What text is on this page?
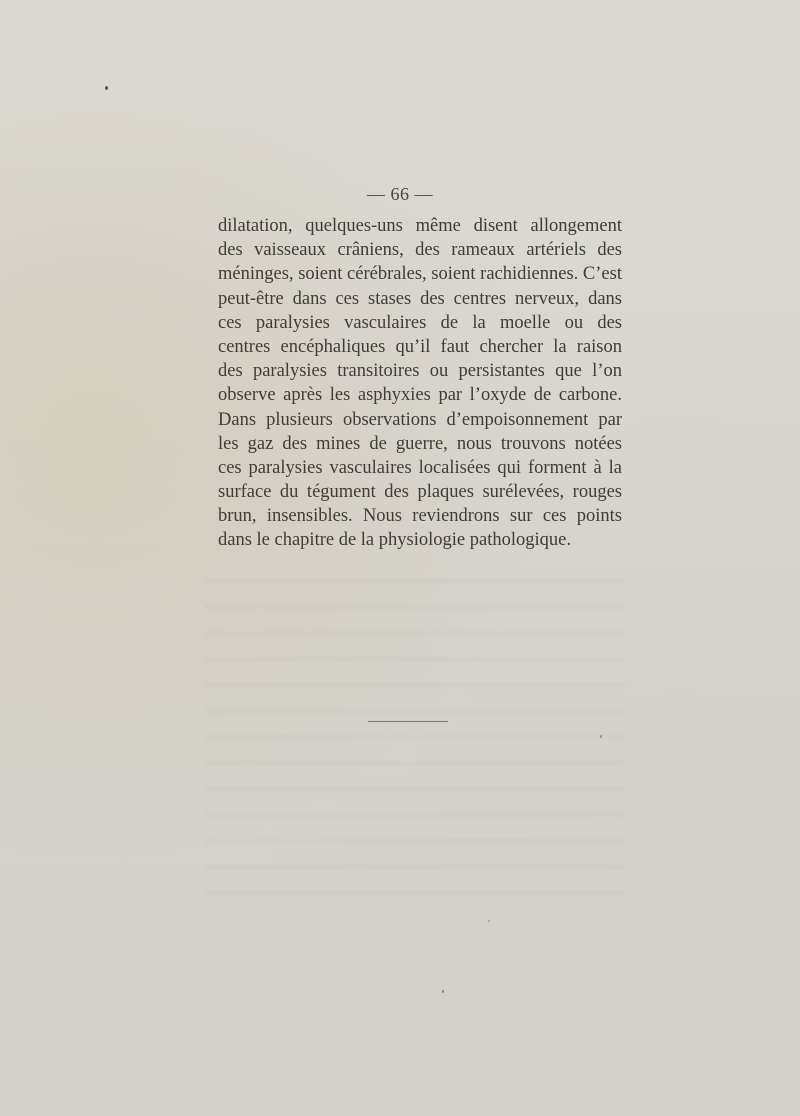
— 66 —
dilatation, quelques-uns même disent allongement
des vaisseaux crâniens, des rameaux artériels des
méninges, soient cérébrales, soient rachidiennes. C’est
peut-être dans ces stases des centres nerveux, dans
ces paralysies vasculaires de la moelle ou des
centres encéphaliques qu’il faut chercher la raison
des paralysies transitoires ou persistantes que l’on
observe après les asphyxies par l’oxyde de carbone.
Dans plusieurs observations d’empoisonnement par
les gaz des mines de guerre, nous trouvons notées
ces paralysies vasculaires localisées qui forment à la
surface du tégument des plaques surélevées, rouges
brun, insensibles. Nous reviendrons sur ces points
dans le chapitre de la physiologie pathologique.
